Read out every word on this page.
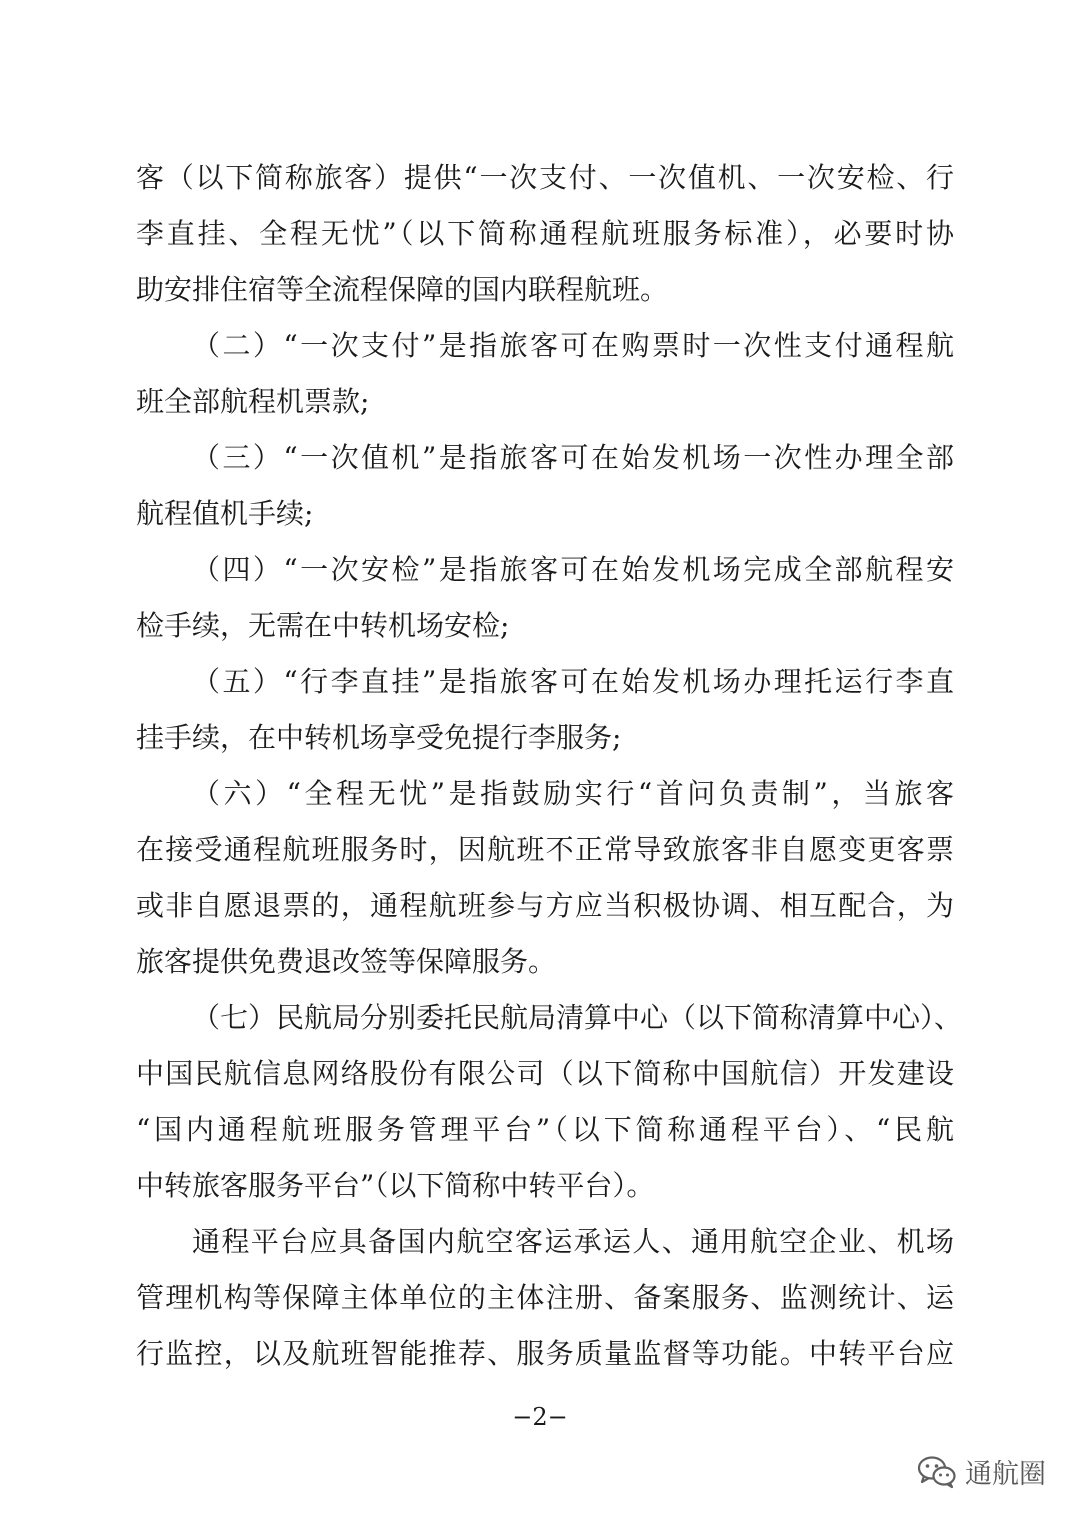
客（以下简称旅客）提供“一次支付、一次值机、一次安检、行
李直挂、全程无忧”（以下简称通程航班服务标准），必要时协
助安排住宿等全流程保障的国内联程航班。
（二）“一次支付”是指旅客可在购票时一次性支付通程航
班全部航程机票款;
（三）“一次值机”是指旅客可在始发机场一次性办理全部
航程值机手续;
（四）“一次安检”是指旅客可在始发机场完成全部航程安
检手续，无需在中转机场安检;
（五）“行李直挂”是指旅客可在始发机场办理托运行李直
挂手续，在中转机场享受免提行李服务;
（六）“全程无忧”是指鼓励实行“首问负责制”，当旅客
在接受通程航班服务时，因航班不正常导致旅客非自愿变更客票
或非自愿退票的，通程航班参与方应当积极协调、相互配合，为
旅客提供免费退改签等保障服务。
（七）民航局分别委托民航局清算中心（以下简称清算中心）、
中国民航信息网络股份有限公司（以下简称中国航信）开发建设
“国内通程航班服务管理平台”（以下简称通程平台）、“民航
中转旅客服务平台”（以下简称中转平台）。
通程平台应具备国内航空客运承运人、通用航空企业、机场
管理机构等保障主体单位的主体注册、备案服务、监测统计、运
行监控，以及航班智能推荐、服务质量监督等功能。中转平台应
−2−
通航圈
